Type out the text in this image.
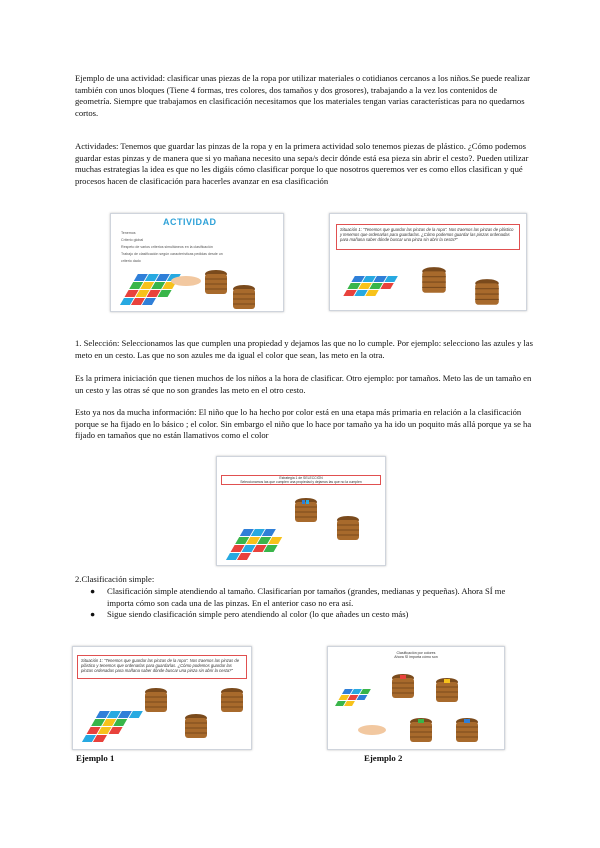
Ejemplo de una actividad: clasificar unas piezas de la ropa por utilizar materiales o cotidianos cercanos a los niños.Se puede realizar también con unos bloques (Tiene 4 formas, tres colores, dos tamaños y dos grosores), trabajando a la vez los contenidos de geometría. Siempre que trabajamos en clasificación necesitamos que los materiales tengan varias características para no quedarnos cortos.

Actividades: Tenemos que guardar las pinzas de la ropa y en la primera actividad solo tenemos piezas de plástico. ¿Cómo podemos guardar estas pinzas y de manera que si yo mañana necesito una sepa/s decir dónde está esa pieza sin abrir el cesto?. Pueden utilizar muchas estrategias la idea es que no les digáis cómo clasificar porque lo que nosotros queremos ver es como ellos clasifican y qué procesos hacen de clasificación para hacerles avanzar en esa clasificación

ACTIVIDAD
Tenemos
Criterio global
Respeto de varios criterios simultáneos en la clasificación
Trabajo de clasificación según características pedidas desde un criterio dado
Situación 1: "Tenemos que guardar las pinzas de la ropa". Nos traemos las pinzas de plástico y tenemos que ordenarlas para guardarlas. ¿Cómo podemos guardar las pinzas ordenadas para mañana saber dónde buscar una pinza sin abrir la cesta?"

1. Selección: Seleccionamos las que cumplen una propiedad y dejamos las que no lo cumple. Por ejemplo: selecciono las azules y las meto en un cesto. Las que no son azules me da igual el color que sean, las meto en la otra.

Es la primera iniciación que tienen muchos de los niños a la hora de clasificar. Otro ejemplo: por tamaños. Meto las de un tamaño en un cesto y las otras sé que no son grandes las meto en el otro cesto.

Esto ya nos da mucha información: El niño que lo ha hecho por color está en una etapa más primaria en relación a la clasificación porque se ha fijado en lo básico ; el color. Sin embargo el niño que lo hace por tamaño ya ha ido un poquito más allá porque ya se ha fijado en tamaños que no están llamativos como el color

Estrategia 1 de SELECCIÓN
Seleccionamos las que cumplen una propiedad y dejamos las que no la cumplen

2.Clasificación simple:

● Clasificación simple atendiendo al tamaño. Clasificarían por tamaños (grandes, medianas y pequeñas). Ahora SÍ me importa cómo son cada una de las pinzas. En el anterior caso no era así.
● Sigue siendo clasificación simple pero atendiendo al color (lo que añades un cesto más)
Situación 1: "Tenemos que guardar las pinzas de la ropa". Nos traemos las pinzas de plástico y tenemos que ordenarlas para guardarlas. ¿Cómo podemos guardar las pinzas ordenadas para mañana saber dónde buscar una pinza sin abrir la cesta?"
Clasificación por colores
Ahora SÍ importa cómo son
Ejemplo 1	Ejemplo 2
